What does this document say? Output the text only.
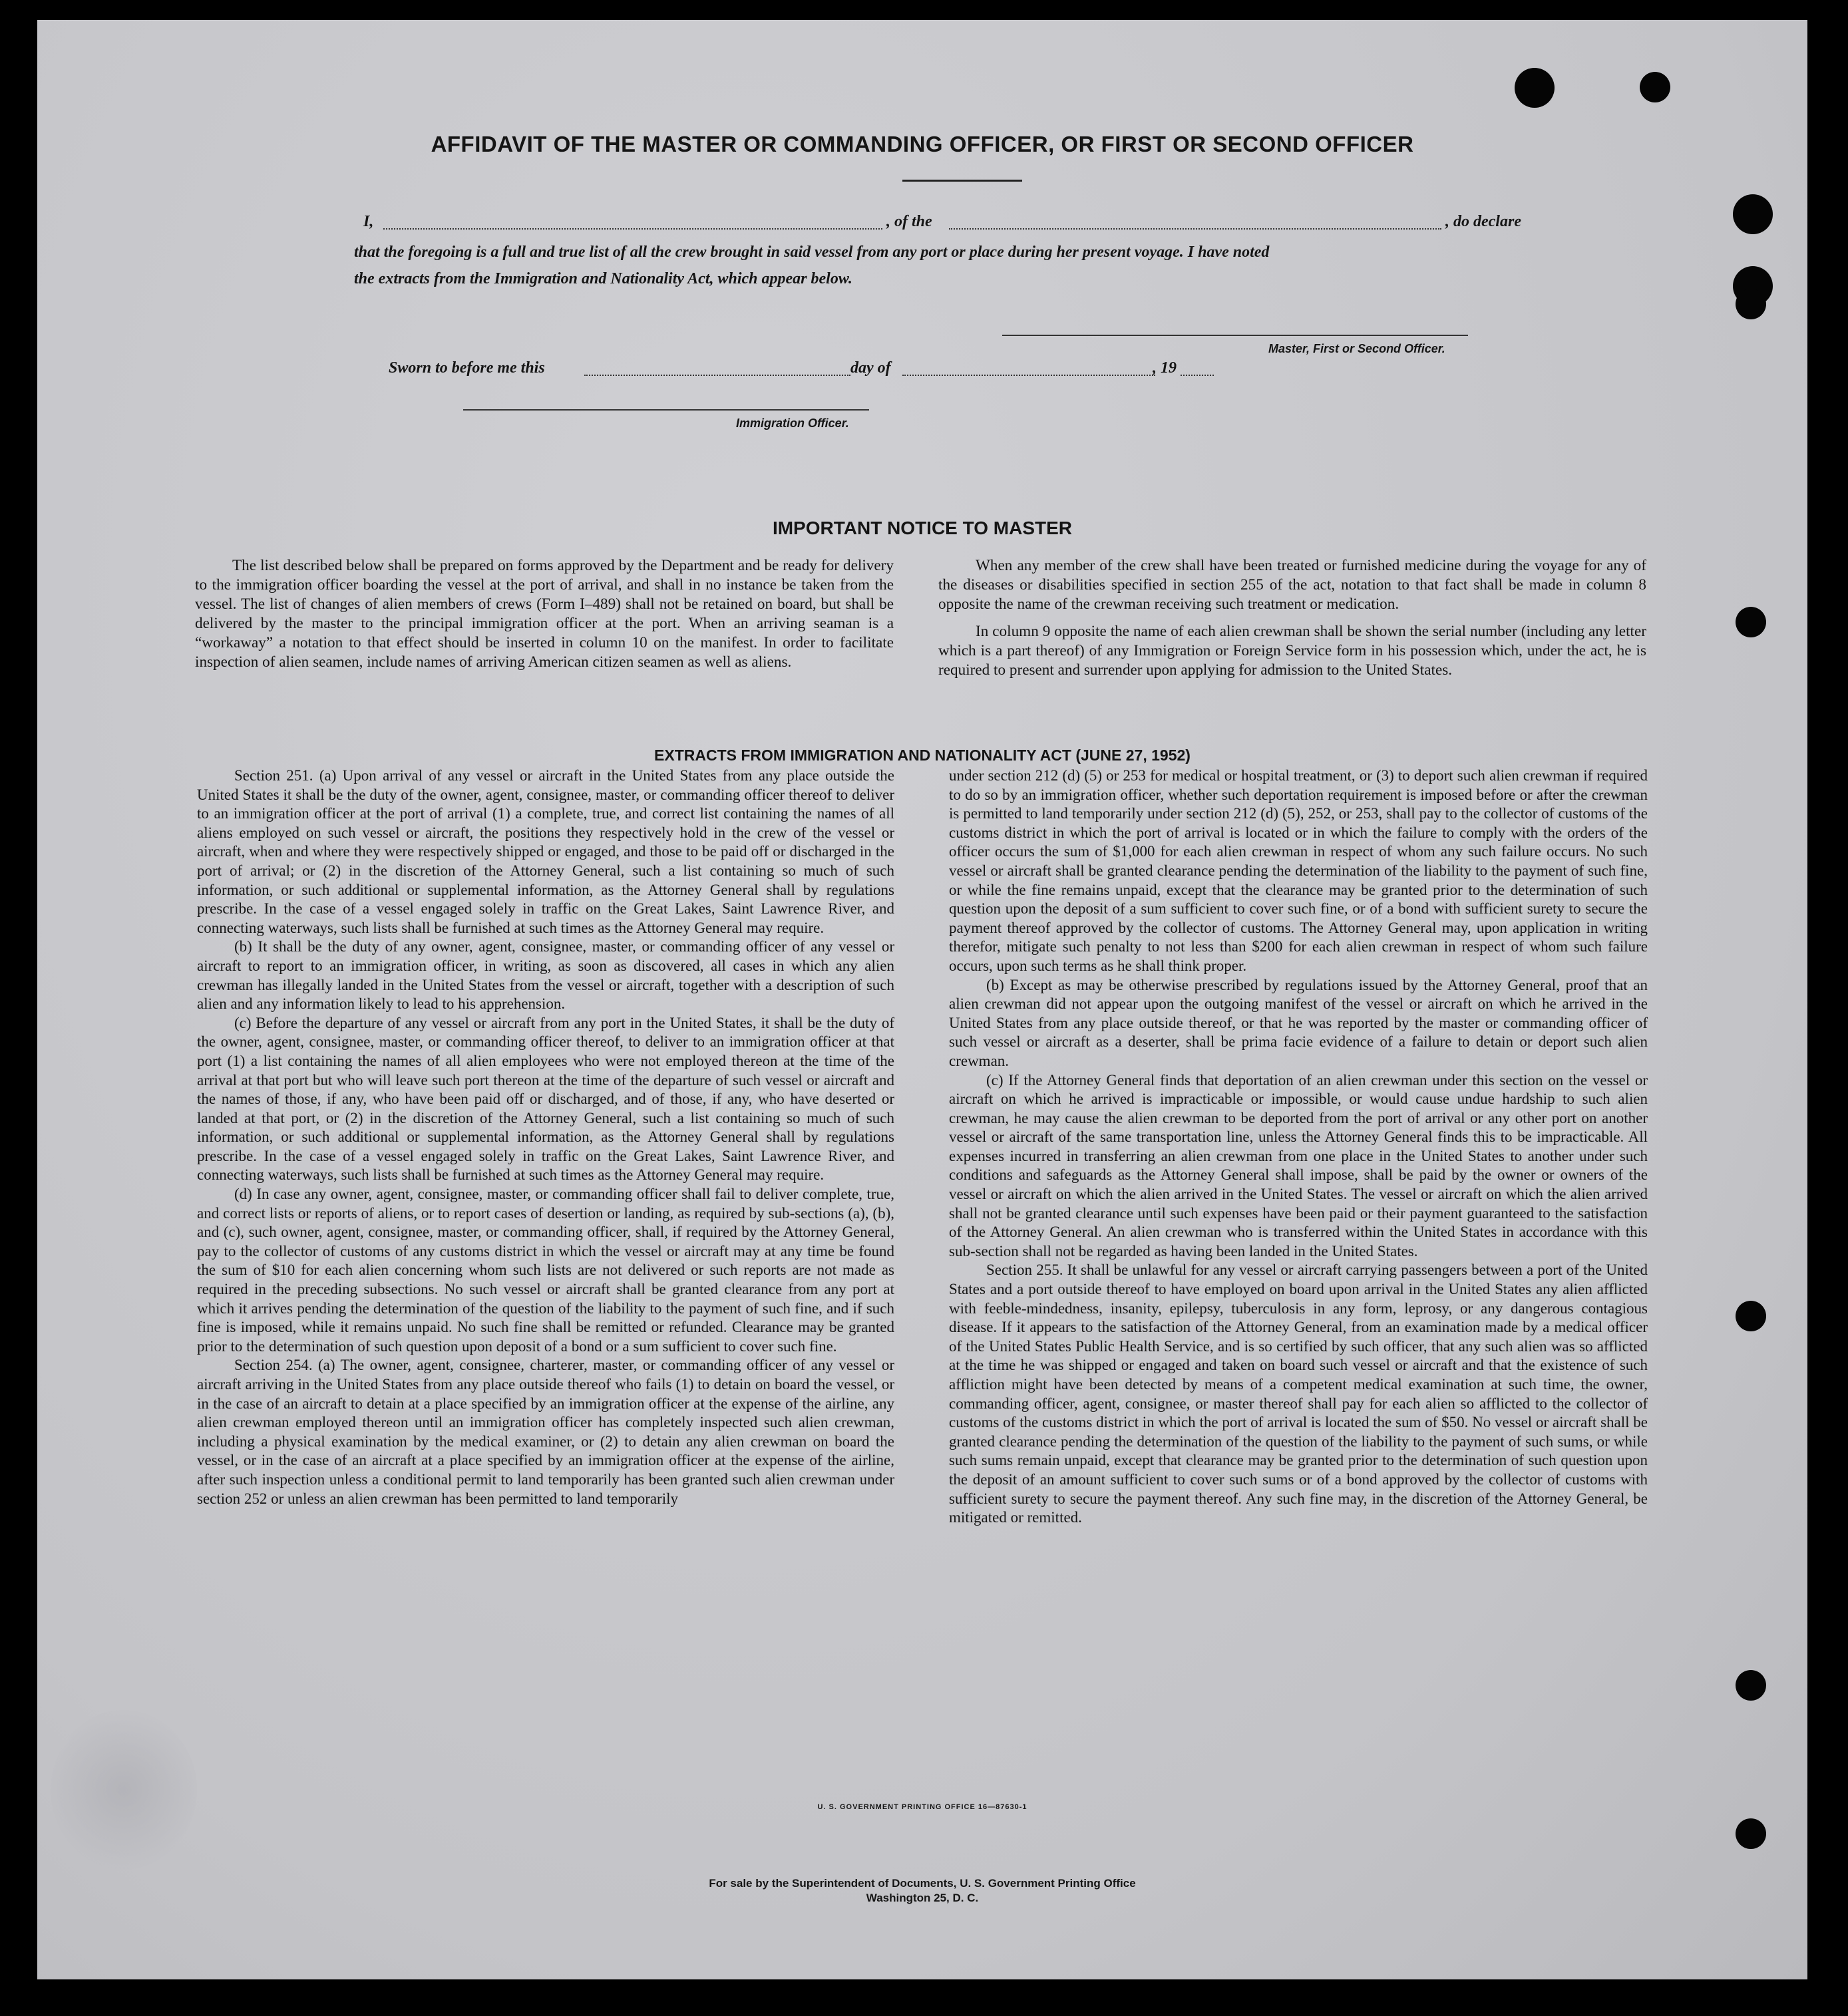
AFFIDAVIT OF THE MASTER OR COMMANDING OFFICER, OR FIRST OR SECOND OFFICER
I,	, of the	, do declare
that the foregoing is a full and true list of all the crew brought in said vessel from any port or place during her present voyage. I have noted
the extracts from the Immigration and Nationality Act, which appear below.
Master, First or Second Officer.
Sworn to before me this	day of	, 19
Immigration Officer.
IMPORTANT NOTICE TO MASTER

The list described below shall be prepared on forms approved by the Department and be ready for delivery to the immigration officer boarding the vessel at the port of arrival, and shall in no instance be taken from the vessel. The list of changes of alien members of crews (Form I–489) shall not be retained on board, but shall be delivered by the master to the principal immigration officer at the port. When an arriving seaman is a “workaway” a notation to that effect should be inserted in column 10 on the manifest. In order to facilitate inspection of alien seamen, include names of arriving American citizen seamen as well as aliens.

When any member of the crew shall have been treated or furnished medicine during the voyage for any of the diseases or disabilities specified in section 255 of the act, notation to that fact shall be made in column 8 opposite the name of the crewman receiving such treatment or medication.

In column 9 opposite the name of each alien crewman shall be shown the serial number (including any letter which is a part thereof) of any Immigration or Foreign Service form in his possession which, under the act, he is required to present and surrender upon applying for admission to the United States.

EXTRACTS FROM IMMIGRATION AND NATIONALITY ACT (JUNE 27, 1952)

Section 251. (a) Upon arrival of any vessel or aircraft in the United States from any place outside the United States it shall be the duty of the owner, agent, consignee, master, or commanding officer thereof to deliver to an immigration officer at the port of arrival (1) a complete, true, and correct list containing the names of all aliens employed on such vessel or aircraft, the positions they respectively hold in the crew of the vessel or aircraft, when and where they were respectively shipped or engaged, and those to be paid off or discharged in the port of arrival; or (2) in the discretion of the Attorney General, such a list containing so much of such information, or such additional or supplemental information, as the Attorney General shall by regulations prescribe. In the case of a vessel engaged solely in traffic on the Great Lakes, Saint Lawrence River, and connecting waterways, such lists shall be furnished at such times as the Attorney General may require.

(b) It shall be the duty of any owner, agent, consignee, master, or commanding officer of any vessel or aircraft to report to an immigration officer, in writing, as soon as discovered, all cases in which any alien crewman has illegally landed in the United States from the vessel or aircraft, together with a description of such alien and any information likely to lead to his apprehension.

(c) Before the departure of any vessel or aircraft from any port in the United States, it shall be the duty of the owner, agent, consignee, master, or commanding officer thereof, to deliver to an immigration officer at that port (1) a list containing the names of all alien employees who were not employed thereon at the time of the arrival at that port but who will leave such port thereon at the time of the departure of such vessel or aircraft and the names of those, if any, who have been paid off or discharged, and of those, if any, who have deserted or landed at that port, or (2) in the discretion of the Attorney General, such a list containing so much of such information, or such additional or supplemental information, as the Attorney General shall by regulations prescribe. In the case of a vessel engaged solely in traffic on the Great Lakes, Saint Lawrence River, and connecting waterways, such lists shall be furnished at such times as the Attorney General may require.

(d) In case any owner, agent, consignee, master, or commanding officer shall fail to deliver complete, true, and correct lists or reports of aliens, or to report cases of desertion or landing, as required by sub-sections (a), (b), and (c), such owner, agent, consignee, master, or commanding officer, shall, if required by the Attorney General, pay to the collector of customs of any customs district in which the vessel or aircraft may at any time be found the sum of $10 for each alien concerning whom such lists are not delivered or such reports are not made as required in the preceding subsections. No such vessel or aircraft shall be granted clearance from any port at which it arrives pending the determination of the question of the liability to the payment of such fine, and if such fine is imposed, while it remains unpaid. No such fine shall be remitted or refunded. Clearance may be granted prior to the determination of such question upon deposit of a bond or a sum sufficient to cover such fine.

Section 254. (a) The owner, agent, consignee, charterer, master, or commanding officer of any vessel or aircraft arriving in the United States from any place outside thereof who fails (1) to detain on board the vessel, or in the case of an aircraft to detain at a place specified by an immigration officer at the expense of the airline, any alien crewman employed thereon until an immigration officer has completely inspected such alien crewman, including a physical examination by the medical examiner, or (2) to detain any alien crewman on board the vessel, or in the case of an aircraft at a place specified by an immigration officer at the expense of the airline, after such inspection unless a conditional permit to land temporarily has been granted such alien crewman under section 252 or unless an alien crewman has been permitted to land temporarily

under section 212 (d) (5) or 253 for medical or hospital treatment, or (3) to deport such alien crewman if required to do so by an immigration officer, whether such deportation requirement is imposed before or after the crewman is permitted to land temporarily under section 212 (d) (5), 252, or 253, shall pay to the collector of customs of the customs district in which the port of arrival is located or in which the failure to comply with the orders of the officer occurs the sum of $1,000 for each alien crewman in respect of whom any such failure occurs. No such vessel or aircraft shall be granted clearance pending the determination of the liability to the payment of such fine, or while the fine remains unpaid, except that the clearance may be granted prior to the determination of such question upon the deposit of a sum sufficient to cover such fine, or of a bond with sufficient surety to secure the payment thereof approved by the collector of customs. The Attorney General may, upon application in writing therefor, mitigate such penalty to not less than $200 for each alien crewman in respect of whom such failure occurs, upon such terms as he shall think proper.

(b) Except as may be otherwise prescribed by regulations issued by the Attorney General, proof that an alien crewman did not appear upon the outgoing manifest of the vessel or aircraft on which he arrived in the United States from any place outside thereof, or that he was reported by the master or commanding officer of such vessel or aircraft as a deserter, shall be prima facie evidence of a failure to detain or deport such alien crewman.

(c) If the Attorney General finds that deportation of an alien crewman under this section on the vessel or aircraft on which he arrived is impracticable or impossible, or would cause undue hardship to such alien crewman, he may cause the alien crewman to be deported from the port of arrival or any other port on another vessel or aircraft of the same transportation line, unless the Attorney General finds this to be impracticable. All expenses incurred in transferring an alien crewman from one place in the United States to another under such conditions and safeguards as the Attorney General shall impose, shall be paid by the owner or owners of the vessel or aircraft on which the alien arrived in the United States. The vessel or aircraft on which the alien arrived shall not be granted clearance until such expenses have been paid or their payment guaranteed to the satisfaction of the Attorney General. An alien crewman who is transferred within the United States in accordance with this sub-section shall not be regarded as having been landed in the United States.

Section 255. It shall be unlawful for any vessel or aircraft carrying passengers between a port of the United States and a port outside thereof to have employed on board upon arrival in the United States any alien afflicted with feeble-mindedness, insanity, epilepsy, tuberculosis in any form, leprosy, or any dangerous contagious disease. If it appears to the satisfaction of the Attorney General, from an examination made by a medical officer of the United States Public Health Service, and is so certified by such officer, that any such alien was so afflicted at the time he was shipped or engaged and taken on board such vessel or aircraft and that the existence of such affliction might have been detected by means of a competent medical examination at such time, the owner, commanding officer, agent, consignee, or master thereof shall pay for each alien so afflicted to the collector of customs of the customs district in which the port of arrival is located the sum of $50. No vessel or aircraft shall be granted clearance pending the determination of the question of the liability to the payment of such sums, or while such sums remain unpaid, except that clearance may be granted prior to the determination of such question upon the deposit of an amount sufficient to cover such sums or of a bond approved by the collector of customs with sufficient surety to secure the payment thereof. Any such fine may, in the discretion of the Attorney General, be mitigated or remitted.

U. S. GOVERNMENT PRINTING OFFICE 16—87630-1
For sale by the Superintendent of Documents, U. S. Government Printing Office
Washington 25, D. C.
